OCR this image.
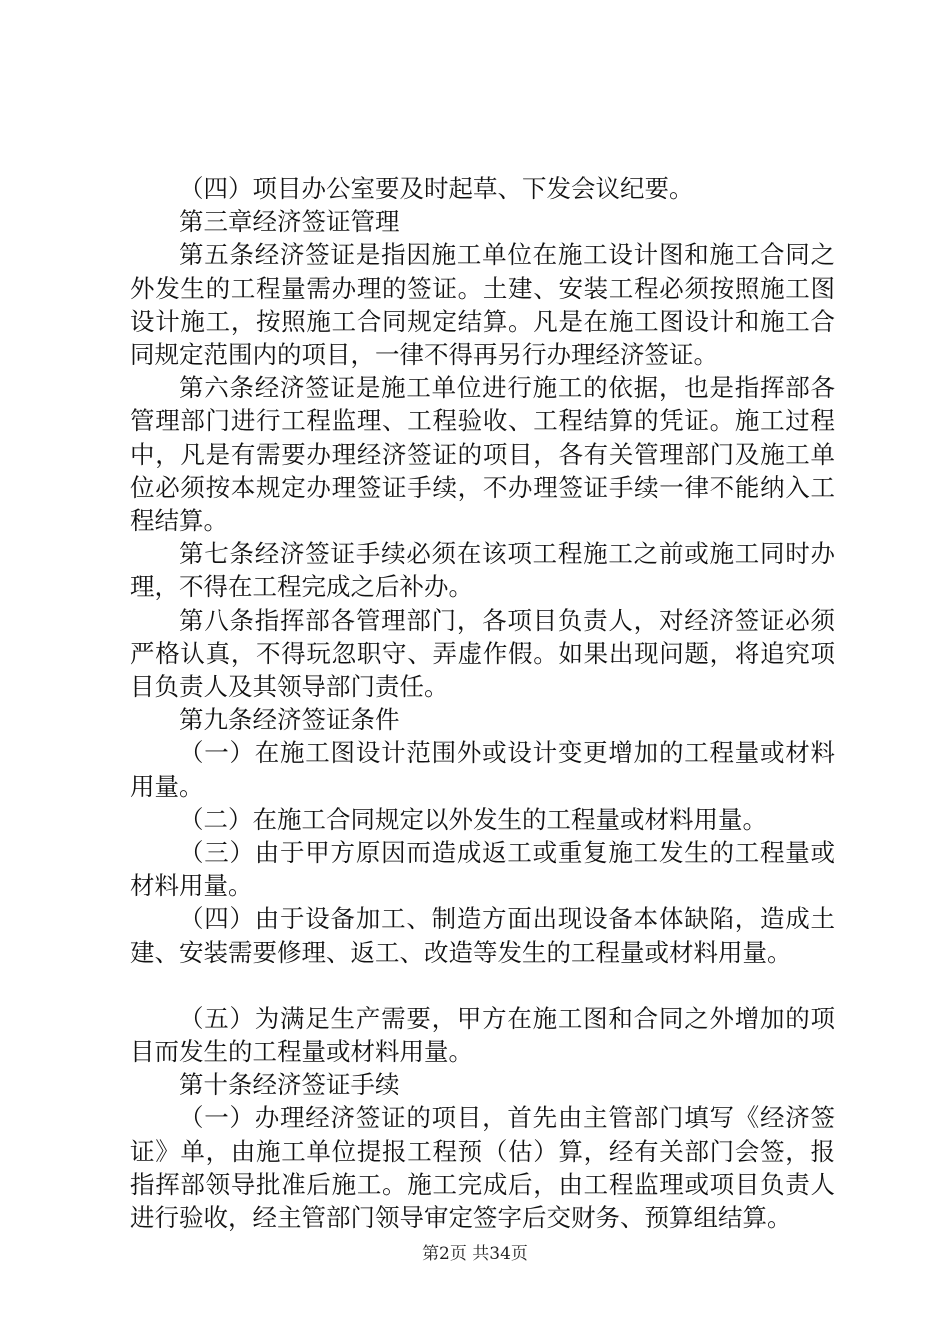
（四）项目办公室要及时起草、下发会议纪要。

第三章经济签证管理

第五条经济签证是指因施工单位在施工设计图和施工合同之外发生的工程量需办理的签证。土建、安装工程必须按照施工图设计施工，按照施工合同规定结算。凡是在施工图设计和施工合同规定范围内的项目，一律不得再另行办理经济签证。

第六条经济签证是施工单位进行施工的依据，也是指挥部各管理部门进行工程监理、工程验收、工程结算的凭证。施工过程中，凡是有需要办理经济签证的项目，各有关管理部门及施工单位必须按本规定办理签证手续，不办理签证手续一律不能纳入工程结算。

第七条经济签证手续必须在该项工程施工之前或施工同时办理，不得在工程完成之后补办。

第八条指挥部各管理部门，各项目负责人，对经济签证必须严格认真，不得玩忽职守、弄虚作假。如果出现问题，将追究项目负责人及其领导部门责任。

第九条经济签证条件

（一）在施工图设计范围外或设计变更增加的工程量或材料用量。

（二）在施工合同规定以外发生的工程量或材料用量。

（三）由于甲方原因而造成返工或重复施工发生的工程量或材料用量。

（四）由于设备加工、制造方面出现设备本体缺陷，造成土建、安装需要修理、返工、改造等发生的工程量或材料用量。

（五）为满足生产需要，甲方在施工图和合同之外增加的项目而发生的工程量或材料用量。

第十条经济签证手续

（一）办理经济签证的项目，首先由主管部门填写《经济签证》单，由施工单位提报工程预（估）算，经有关部门会签，报指挥部领导批准后施工。施工完成后，由工程监理或项目负责人进行验收，经主管部门领导审定签字后交财务、预算组结算。

第2页 共34页
